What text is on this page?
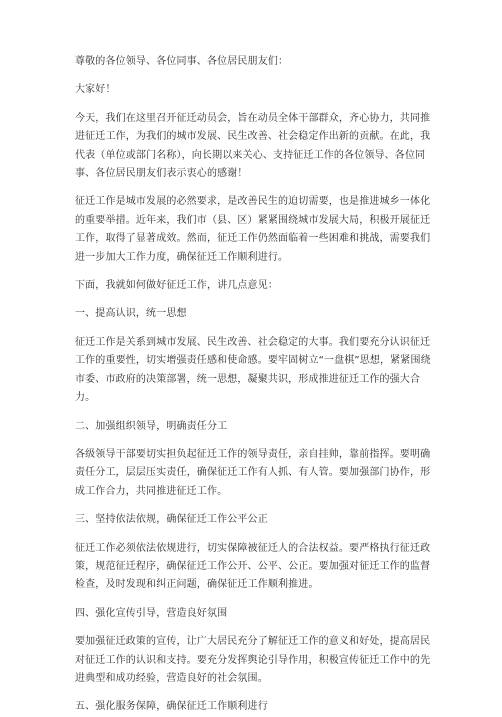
尊敬的各位领导、各位同事、各位居民朋友们：

大家好！

今天，我们在这里召开征迁动员会，旨在动员全体干部群众，齐心协力，共同推进征迁工作，为我们的城市发展、民生改善、社会稳定作出新的贡献。在此，我代表（单位或部门名称），向长期以来关心、支持征迁工作的各位领导、各位同事、各位居民朋友们表示衷心的感谢！

征迁工作是城市发展的必然要求，是改善民生的迫切需要，也是推进城乡一体化的重要举措。近年来，我们市（县、区）紧紧围绕城市发展大局，积极开展征迁工作，取得了显著成效。然而，征迁工作仍然面临着一些困难和挑战，需要我们进一步加大工作力度，确保征迁工作顺利进行。

下面，我就如何做好征迁工作，讲几点意见：

一、提高认识，统一思想

征迁工作是关系到城市发展、民生改善、社会稳定的大事。我们要充分认识征迁工作的重要性，切实增强责任感和使命感。要牢固树立“一盘棋”思想，紧紧围绕市委、市政府的决策部署，统一思想，凝聚共识，形成推进征迁工作的强大合力。

二、加强组织领导，明确责任分工

各级领导干部要切实担负起征迁工作的领导责任，亲自挂帅，靠前指挥。要明确责任分工，层层压实责任，确保征迁工作有人抓、有人管。要加强部门协作，形成工作合力，共同推进征迁工作。

三、坚持依法依规，确保征迁工作公平公正

征迁工作必须依法依规进行，切实保障被征迁人的合法权益。要严格执行征迁政策，规范征迁程序，确保征迁工作公开、公平、公正。要加强对征迁工作的监督检查，及时发现和纠正问题，确保征迁工作顺利推进。

四、强化宣传引导，营造良好氛围

要加强征迁政策的宣传，让广大居民充分了解征迁工作的意义和好处，提高居民对征迁工作的认识和支持。要充分发挥舆论引导作用，积极宣传征迁工作中的先进典型和成功经验，营造良好的社会氛围。

五、强化服务保障，确保征迁工作顺利进行
